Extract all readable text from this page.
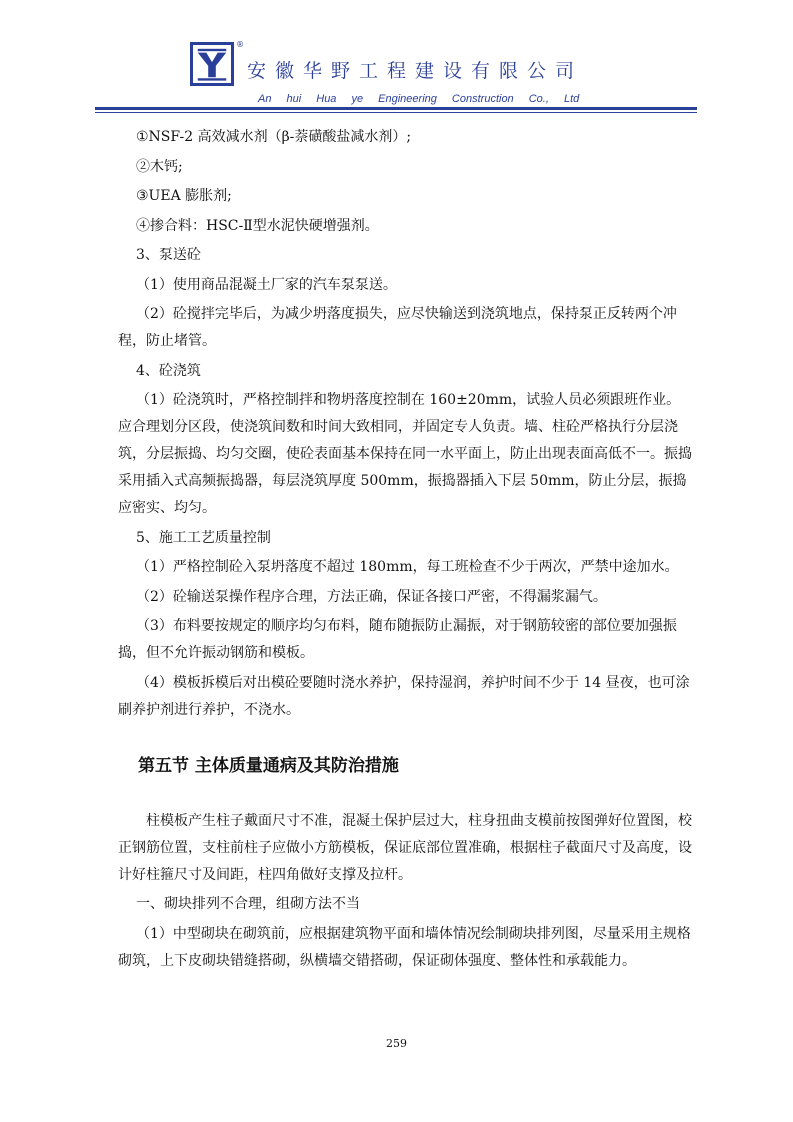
®
安徽华野工程建设有限公司
An hui Hua ye Engineering Construction Co., Ltd

①NSF-2 高效减水剂（β-萘磺酸盐减水剂）;

②木钙;

③UEA 膨胀剂;

④掺合料：HSC-Ⅱ型水泥快硬增强剂。

3、泵送砼

（1）使用商品混凝土厂家的汽车泵泵送。

（2）砼搅拌完毕后，为减少坍落度损失，应尽快输送到浇筑地点，保持泵正反转两个冲程，防止堵管。

4、砼浇筑

（1）砼浇筑时，严格控制拌和物坍落度控制在 160±20mm，试验人员必须跟班作业。应合理划分区段，使浇筑间数和时间大致相同，并固定专人负责。墙、柱砼严格执行分层浇筑，分层振捣、均匀交圈，使砼表面基本保持在同一水平面上，防止出现表面高低不一。振捣采用插入式高频振捣器，每层浇筑厚度 500mm，振捣器插入下层 50mm，防止分层，振捣应密实、均匀。

5、施工工艺质量控制

（1）严格控制砼入泵坍落度不超过 180mm，每工班检查不少于两次，严禁中途加水。

（2）砼输送泵操作程序合理，方法正确，保证各接口严密，不得漏浆漏气。

（3）布料要按规定的顺序均匀布料，随布随振防止漏振，对于钢筋较密的部位要加强振捣，但不允许振动钢筋和模板。

（4）模板拆模后对出模砼要随时浇水养护，保持湿润，养护时间不少于 14 昼夜，也可涂刷养护剂进行养护，不浇水。

第五节 主体质量通病及其防治措施

柱模板产生柱子戴面尺寸不准，混凝土保护层过大，柱身扭曲支模前按图弹好位置图，校正钢筋位置，支柱前柱子应做小方筋模板，保证底部位置准确，根据柱子截面尺寸及高度，设计好柱箍尺寸及间距，柱四角做好支撑及拉杆。

一、砌块排列不合理，组砌方法不当

（1）中型砌块在砌筑前，应根据建筑物平面和墙体情况绘制砌块排列图，尽量采用主规格砌筑，上下皮砌块错缝搭砌，纵横墙交错搭砌，保证砌体强度、整体性和承载能力。

259
